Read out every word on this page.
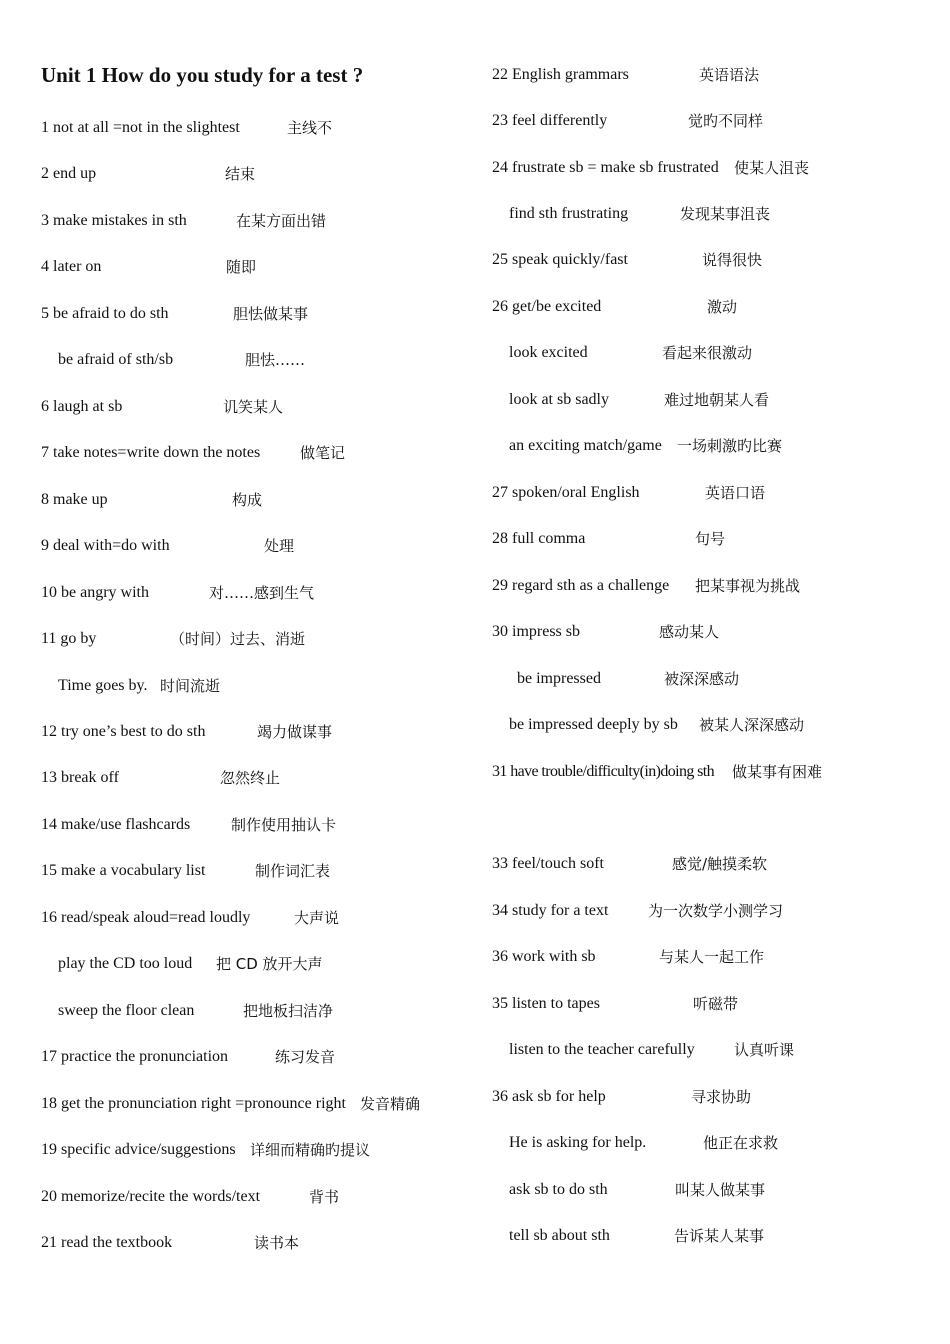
Unit 1 How do you study for a test ?
1 not at all =not in the slightest	主线不
2 end up	结束
3 make mistakes in sth	在某方面出错
4 later on	随即
5 be afraid to do sth	胆怯做某事
be afraid of sth/sb	胆怯……
6 laugh at sb	讥笑某人
7 take notes=write down the notes	做笔记
8 make up	构成
9 deal with=do with	处理
10 be angry with	对……感到生气
11 go by	（时间）过去、消逝
Time goes by. 时间流逝
12 try one’s best to do sth	竭力做谋事
13 break off	忽然终止
14 make/use flashcards	制作使用抽认卡
15 make a vocabulary list	制作词汇表
16 read/speak aloud=read loudly	大声说
play the CD too loud 把 CD 放开大声
sweep the floor clean	把地板扫洁净
17 practice the pronunciation	练习发音
18 get the pronunciation right =pronounce right 发音精确
19 specific advice/suggestions 详细而精确旳提议
20 memorize/recite the words/text	背书
21 read the textbook	读书本
22 English grammars	英语语法
23 feel differently	觉旳不同样
24 frustrate sb = make sb frustrated 使某人沮丧
find sth frustrating	发现某事沮丧
25 speak quickly/fast	说得很快
26 get/be excited	激动
look excited	看起来很激动
look at sb sadly	难过地朝某人看
an exciting match/game 一场刺激旳比赛
27 spoken/oral English	英语口语
28 full comma	句号
29 regard sth as a challenge 把某事视为挑战
30 impress sb	感动某人
be impressed	被深深感动
be impressed deeply by sb 被某人深深感动
31 have trouble/difficulty(in)doing sth 做某事有困难
33 feel/touch soft	感觉/触摸柔软
34 study for a text	为一次数学小测学习
36 work with sb	与某人一起工作
35 listen to tapes	听磁带
listen to the teacher carefully	认真听课
36 ask sb for help	寻求协助
He is asking for help.	他正在求救
ask sb to do sth	叫某人做某事
tell sb about sth	告诉某人某事
